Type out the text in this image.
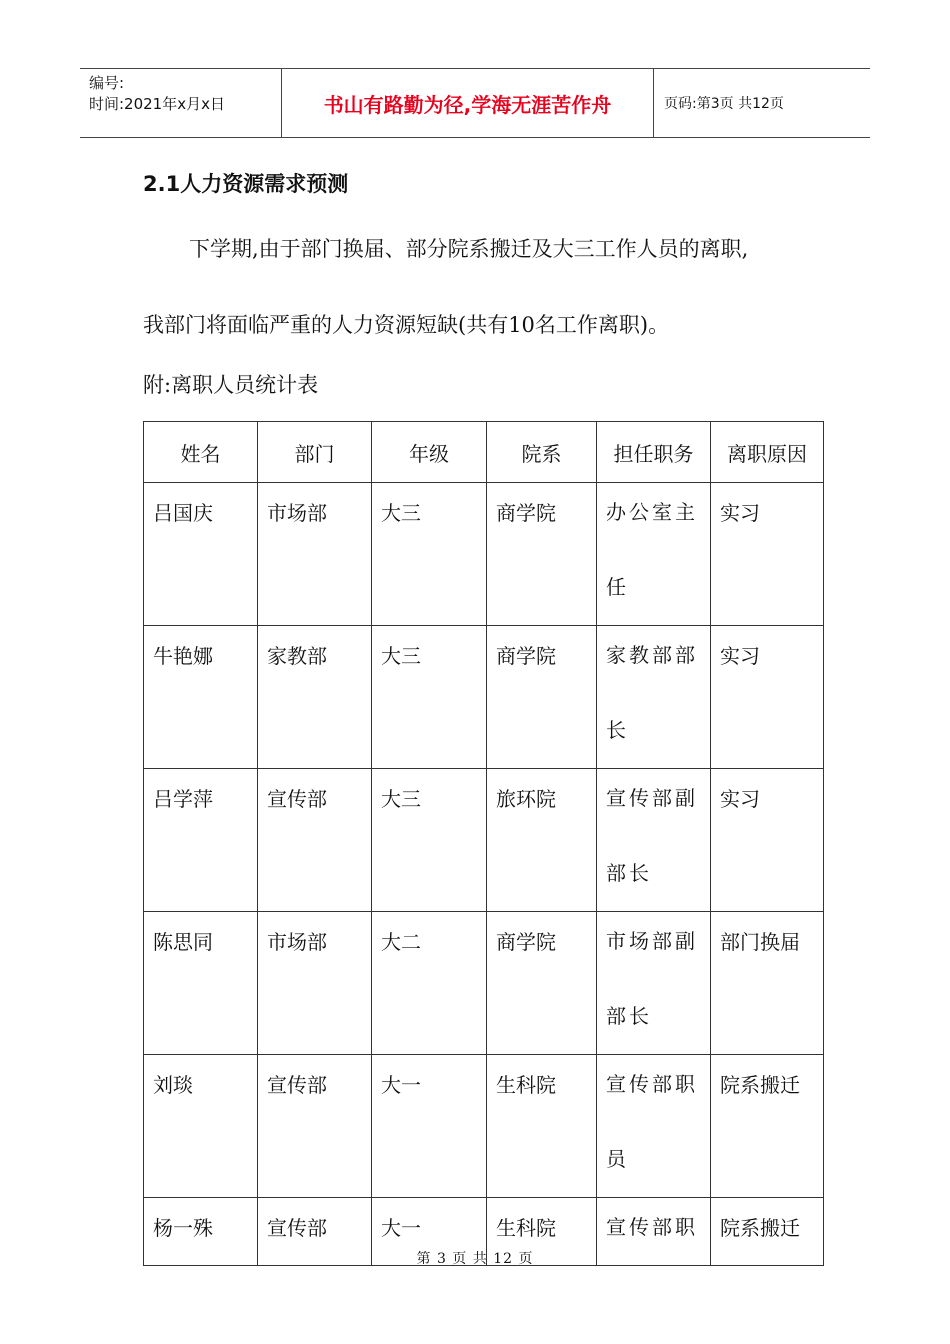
编号:
时间:2021年x月x日	书山有路勤为径,学海无涯苦作舟	页码:第3页 共12页
2.1人力资源需求预测
下学期,由于部门换届、部分院系搬迁及大三工作人员的离职,
我部门将面临严重的人力资源短缺(共有10名工作离职)。
附:离职人员统计表
姓名	部门	年级	院系	担任职务	离职原因
吕国庆	市场部	大三	商学院	办公室主任	实习
牛艳娜	家教部	大三	商学院	家教部部长	实习
吕学萍	宣传部	大三	旅环院	宣传部副部长	实习
陈思同	市场部	大二	商学院	市场部副部长	部门换届
刘琰	宣传部	大一	生科院	宣传部职员	院系搬迁
杨一殊	宣传部	大一	生科院	宣传部职	院系搬迁
第 3 页 共 12 页
